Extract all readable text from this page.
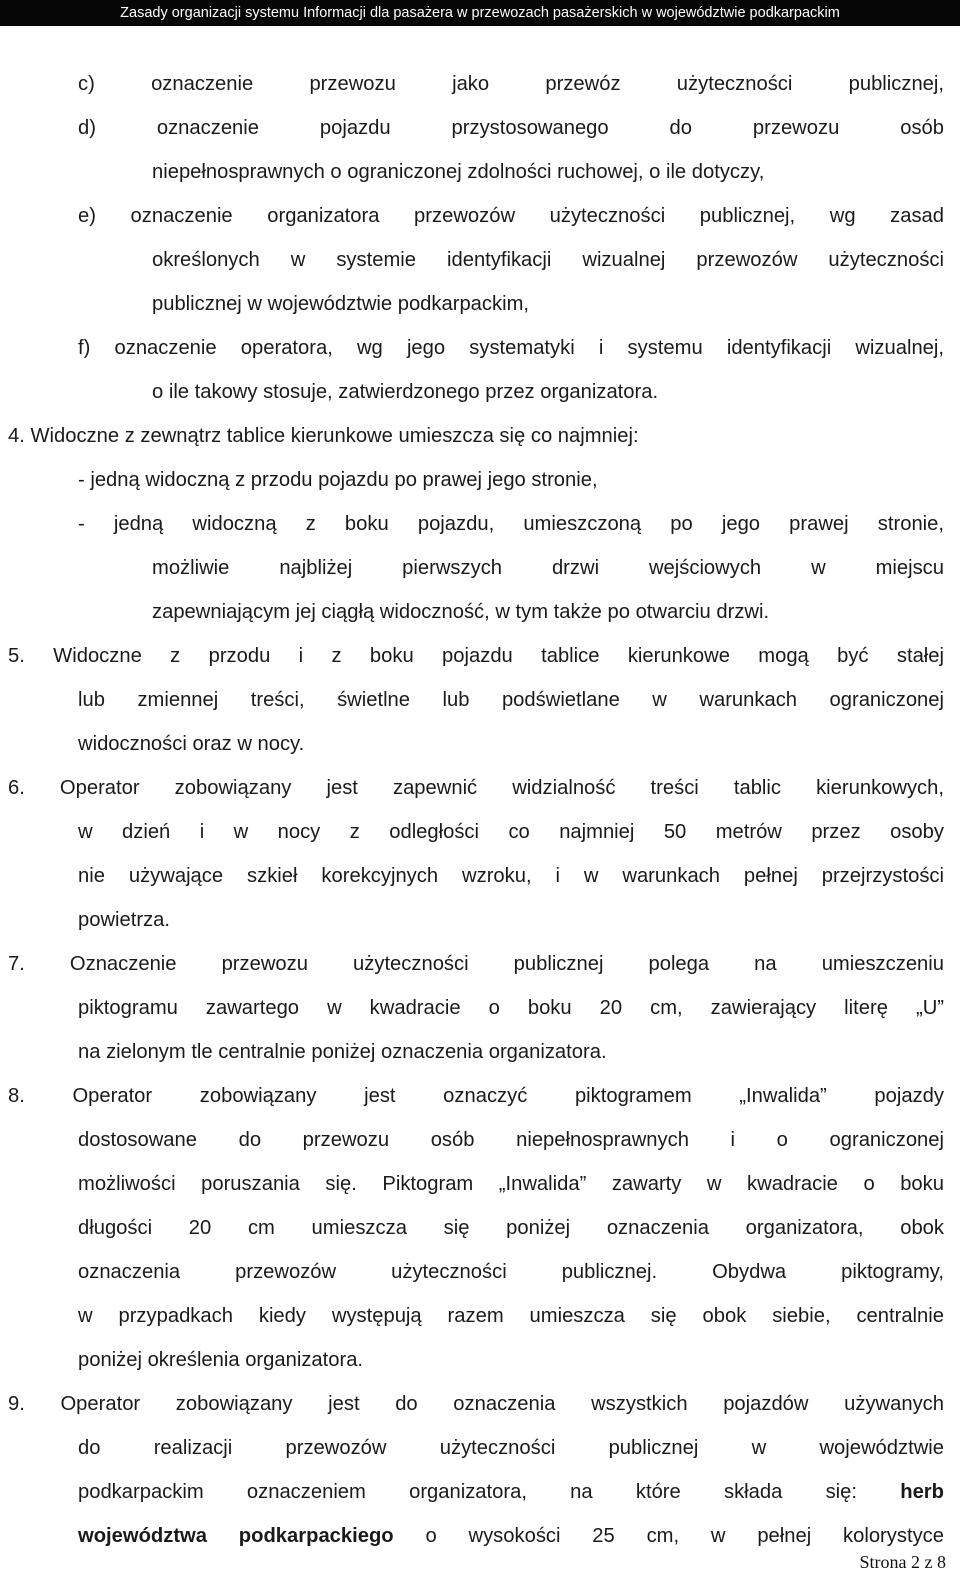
Zasady organizacji systemu Informacji dla pasażera w przewozach pasażerskich w województwie podkarpackim
c) oznaczenie przewozu jako przewóz użyteczności publicznej,
d) oznaczenie pojazdu przystosowanego do przewozu osób
niepełnosprawnych o ograniczonej zdolności ruchowej, o ile dotyczy,
e) oznaczenie organizatora przewozów użyteczności publicznej, wg zasad
określonych w systemie identyfikacji wizualnej przewozów użyteczności
publicznej w województwie podkarpackim,
f) oznaczenie operatora, wg jego systematyki i systemu identyfikacji wizualnej,
o ile takowy stosuje, zatwierdzonego przez organizatora.
4. Widoczne z zewnątrz tablice kierunkowe umieszcza się co najmniej:
- jedną widoczną z przodu pojazdu po prawej jego stronie,
- jedną widoczną z boku pojazdu, umieszczoną po jego prawej stronie,
możliwie najbliżej pierwszych drzwi wejściowych w miejscu
zapewniającym jej ciągłą widoczność, w tym także po otwarciu drzwi.
5. Widoczne z przodu i z boku pojazdu tablice kierunkowe mogą być stałej
lub zmiennej treści, świetlne lub podświetlane w warunkach ograniczonej
widoczności oraz w nocy.
6. Operator zobowiązany jest zapewnić widzialność treści tablic kierunkowych,
w dzień i w nocy z odległości co najmniej 50 metrów przez osoby
nie używające szkieł korekcyjnych wzroku, i w warunkach pełnej przejrzystości
powietrza.
7. Oznaczenie przewozu użyteczności publicznej polega na umieszczeniu
piktogramu zawartego w kwadracie o boku 20 cm, zawierający literę „U”
na zielonym tle centralnie poniżej oznaczenia organizatora.
8. Operator zobowiązany jest oznaczyć piktogramem „Inwalida” pojazdy
dostosowane do przewozu osób niepełnosprawnych i o ograniczonej
możliwości poruszania się. Piktogram „Inwalida” zawarty w kwadracie o boku
długości 20 cm umieszcza się poniżej oznaczenia organizatora, obok
oznaczenia przewozów użyteczności publicznej. Obydwa piktogramy,
w przypadkach kiedy występują razem umieszcza się obok siebie, centralnie
poniżej określenia organizatora.
9. Operator zobowiązany jest do oznaczenia wszystkich pojazdów używanych
do realizacji przewozów użyteczności publicznej w województwie
podkarpackim oznaczeniem organizatora, na które składa się: herb
województwa podkarpackiego o wysokości 25 cm, w pełnej kolorystyce
Strona 2 z 8
